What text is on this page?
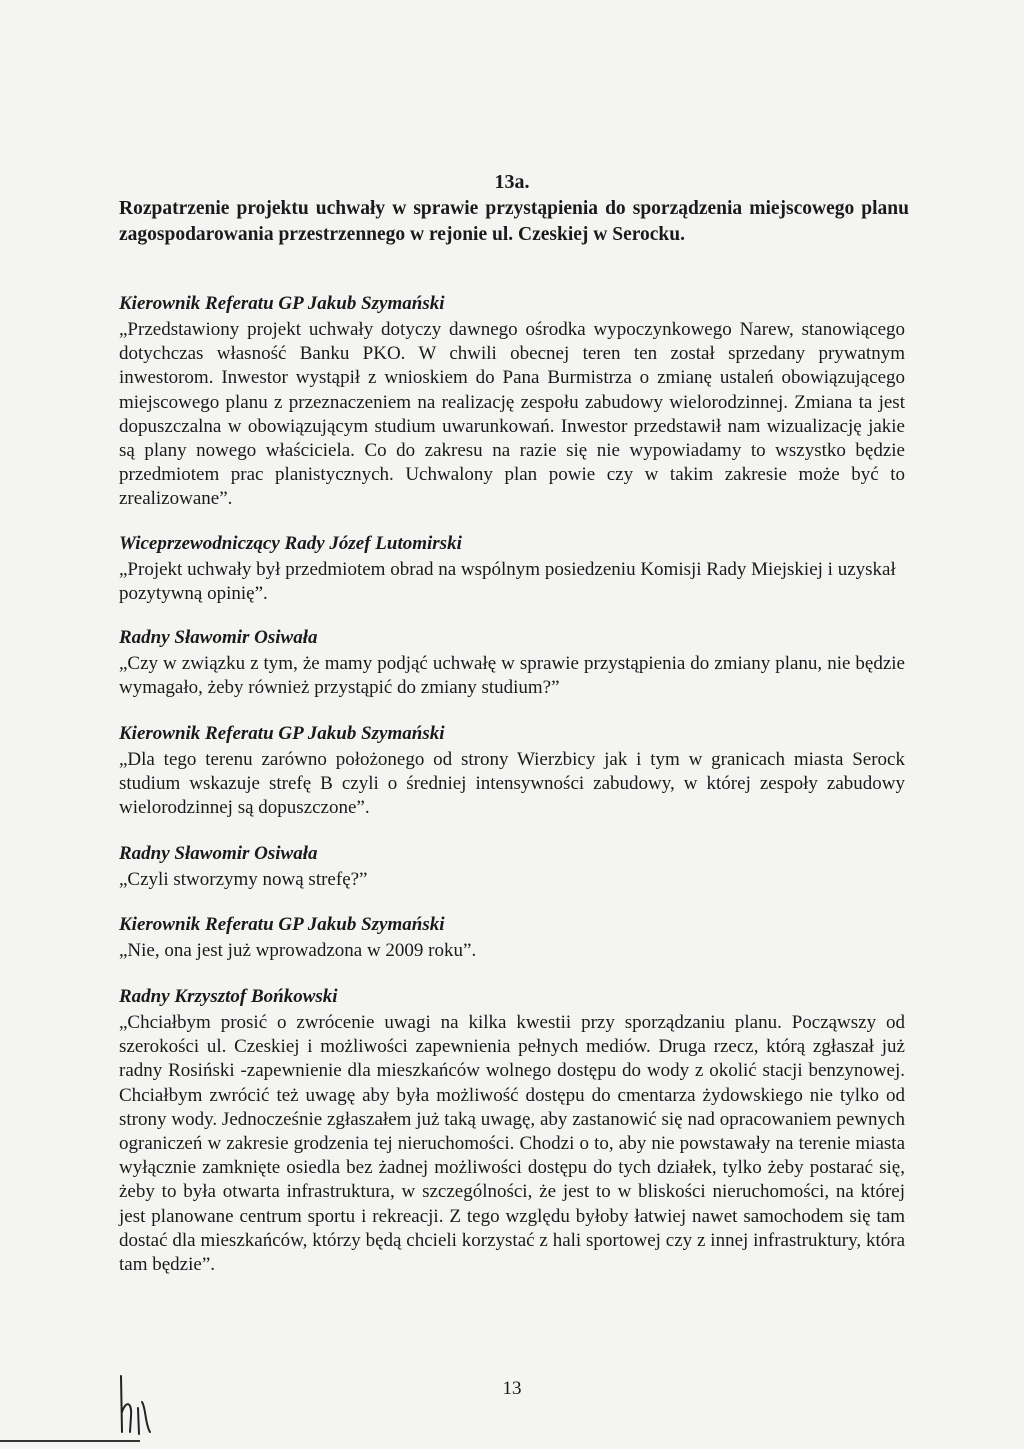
13a.
Rozpatrzenie projektu uchwały w sprawie przystąpienia do sporządzenia miejscowego planu zagospodarowania przestrzennego w rejonie ul. Czeskiej w Serocku.

Kierownik Referatu GP Jakub Szymański

„Przedstawiony projekt uchwały dotyczy dawnego ośrodka wypoczynkowego Narew, stanowiącego dotychczas własność Banku PKO. W chwili obecnej teren ten został sprzedany prywatnym inwestorom. Inwestor wystąpił z wnioskiem do Pana Burmistrza o zmianę ustaleń obowiązującego miejscowego planu z przeznaczeniem na realizację zespołu zabudowy wielorodzinnej. Zmiana ta jest dopuszczalna w obowiązującym studium uwarunkowań. Inwestor przedstawił nam wizualizację jakie są plany nowego właściciela. Co do zakresu na razie się nie wypowiadamy to wszystko będzie przedmiotem prac planistycznych. Uchwalony plan powie czy w takim zakresie może być to zrealizowane”.

Wiceprzewodniczący Rady Józef Lutomirski

„Projekt uchwały był przedmiotem obrad na wspólnym posiedzeniu Komisji Rady Miejskiej i uzyskał pozytywną opinię”.

Radny Sławomir Osiwała

„Czy w związku z tym, że mamy podjąć uchwałę w sprawie przystąpienia do zmiany planu, nie będzie wymagało, żeby również przystąpić do zmiany studium?”

Kierownik Referatu GP Jakub Szymański

„Dla tego terenu zarówno położonego od strony Wierzbicy jak i tym w granicach miasta Serock studium wskazuje strefę B czyli o średniej intensywności zabudowy, w której zespoły zabudowy wielorodzinnej są dopuszczone”.

Radny Sławomir Osiwała

„Czyli stworzymy nową strefę?”

Kierownik Referatu GP Jakub Szymański

„Nie, ona jest już wprowadzona w 2009 roku”.

Radny Krzysztof Bońkowski

„Chciałbym prosić o zwrócenie uwagi na kilka kwestii przy sporządzaniu planu. Począwszy od szerokości ul. Czeskiej i możliwości zapewnienia pełnych mediów. Druga rzecz, którą zgłaszał już radny Rosiński -zapewnienie dla mieszkańców wolnego dostępu do wody z okolić stacji benzynowej. Chciałbym zwrócić też uwagę aby była możliwość dostępu do cmentarza żydowskiego nie tylko od strony wody. Jednocześnie zgłaszałem już taką uwagę, aby zastanowić się nad opracowaniem pewnych ograniczeń w zakresie grodzenia tej nieruchomości. Chodzi o to, aby nie powstawały na terenie miasta wyłącznie zamknięte osiedla bez żadnej możliwości dostępu do tych działek, tylko żeby postarać się, żeby to była otwarta infrastruktura, w szczególności, że jest to w bliskości nieruchomości, na której jest planowane centrum sportu i rekreacji. Z tego względu byłoby łatwiej nawet samochodem się tam dostać dla mieszkańców, którzy będą chcieli korzystać z hali sportowej czy z innej infrastruktury, która tam będzie”.

13
